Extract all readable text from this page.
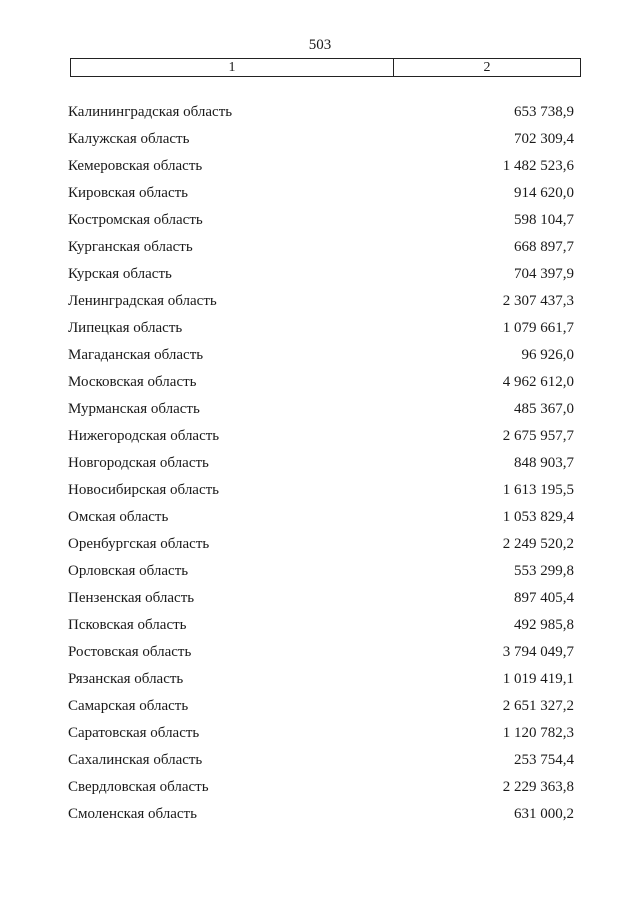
503
1	2
Калининградская область	653 738,9
Калужская область	702 309,4
Кемеровская область	1 482 523,6
Кировская область	914 620,0
Костромская область	598 104,7
Курганская область	668 897,7
Курская область	704 397,9
Ленинградская область	2 307 437,3
Липецкая область	1 079 661,7
Магаданская область	96 926,0
Московская область	4 962 612,0
Мурманская область	485 367,0
Нижегородская область	2 675 957,7
Новгородская область	848 903,7
Новосибирская область	1 613 195,5
Омская область	1 053 829,4
Оренбургская область	2 249 520,2
Орловская область	553 299,8
Пензенская область	897 405,4
Псковская область	492 985,8
Ростовская область	3 794 049,7
Рязанская область	1 019 419,1
Самарская область	2 651 327,2
Саратовская область	1 120 782,3
Сахалинская область	253 754,4
Свердловская область	2 229 363,8
Смоленская область	631 000,2
